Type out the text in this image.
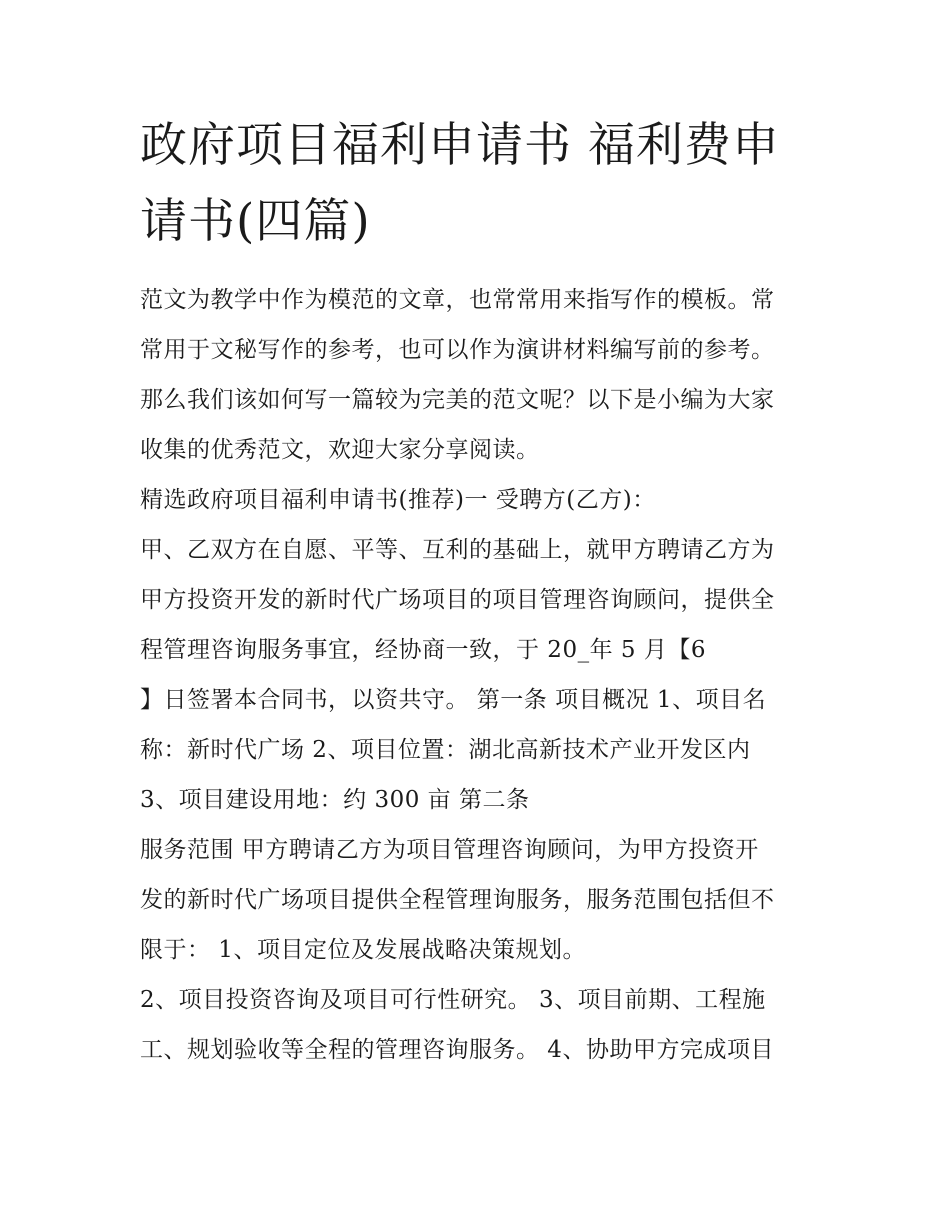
政府项目福利申请书 福利费申
请书(四篇)
范文为教学中作为模范的文章，也常常用来指写作的模板。常
常用于文秘写作的参考，也可以作为演讲材料编写前的参考。
那么我们该如何写一篇较为完美的范文呢？以下是小编为大家
收集的优秀范文，欢迎大家分享阅读。
精选政府项目福利申请书(推荐)一 受聘方(乙方)：
甲、乙双方在自愿、平等、互利的基础上，就甲方聘请乙方为
甲方投资开发的新时代广场项目的项目管理咨询顾问，提供全
程管理咨询服务事宜，经协商一致，于 20_年 5 月【6
】日签署本合同书，以资共守。 第一条 项目概况 1、项目名
称：新时代广场 2、项目位置：湖北高新技术产业开发区内
3、项目建设用地：约 300 亩 第二条
服务范围 甲方聘请乙方为项目管理咨询顾问，为甲方投资开
发的新时代广场项目提供全程管理询服务，服务范围包括但不
限于： 1、项目定位及发展战略决策规划。
2、项目投资咨询及项目可行性研究。 3、项目前期、工程施
工、规划验收等全程的管理咨询服务。 4、协助甲方完成项目
